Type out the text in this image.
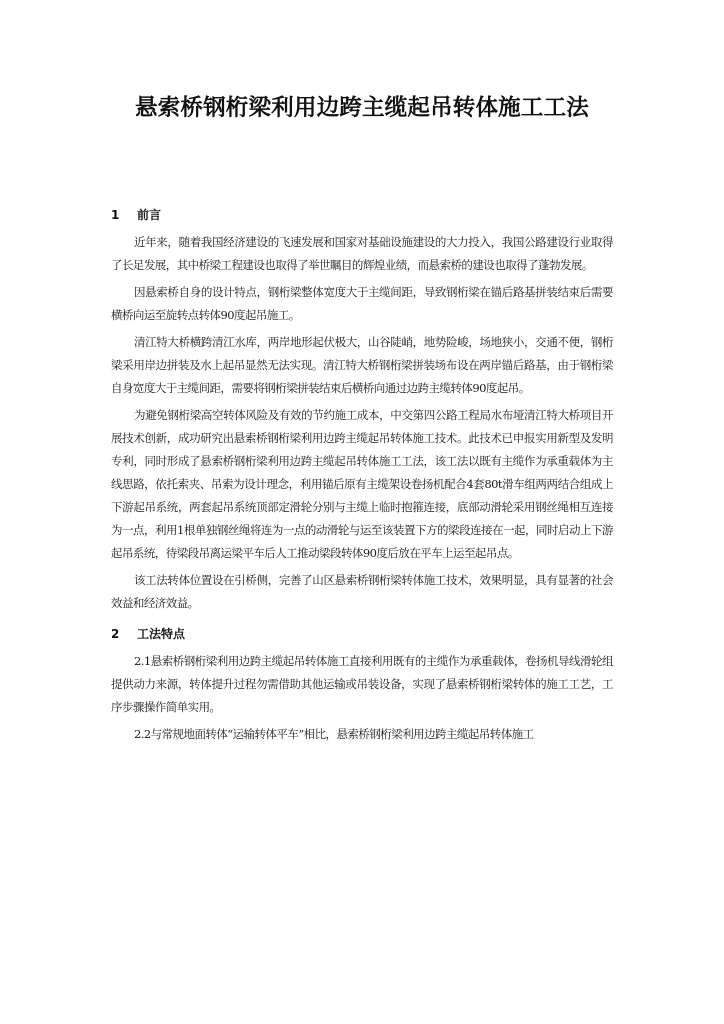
悬索桥钢桁梁利用边跨主缆起吊转体施工工法
1 前言

近年来，随着我国经济建设的飞速发展和国家对基础设施建设的大力投入，我国公路建设行业取得了长足发展，其中桥梁工程建设也取得了举世瞩目的辉煌业绩，而悬索桥的建设也取得了蓬勃发展。

因悬索桥自身的设计特点，钢桁梁整体宽度大于主缆间距，导致钢桁梁在锚后路基拼装结束后需要横桥向运至旋转点转体90度起吊施工。

清江特大桥横跨清江水库，两岸地形起伏极大，山谷陡峭，地势险峻，场地狭小，交通不便，钢桁梁采用岸边拼装及水上起吊显然无法实现。清江特大桥钢桁梁拼装场布设在两岸锚后路基，由于钢桁梁自身宽度大于主缆间距，需要将钢桁梁拼装结束后横桥向通过边跨主缆转体90度起吊。

为避免钢桁梁高空转体风险及有效的节约施工成本，中交第四公路工程局水布垭清江特大桥项目开展技术创新，成功研究出悬索桥钢桁梁利用边跨主缆起吊转体施工技术。此技术已申报实用新型及发明专利，同时形成了悬索桥钢桁梁利用边跨主缆起吊转体施工工法，该工法以既有主缆作为承重载体为主线思路，依托索夹、吊索为设计理念，利用锚后原有主缆架设卷扬机配合4套80t滑车组两两结合组成上下游起吊系统，两套起吊系统顶部定滑轮分别与主缆上临时抱箍连接，底部动滑轮采用钢丝绳相互连接为一点，利用1根单独钢丝绳将连为一点的动滑轮与运至该装置下方的梁段连接在一起，同时启动上下游起吊系统，待梁段吊离运梁平车后人工推动梁段转体90度后放在平车上运至起吊点。

该工法转体位置设在引桥侧，完善了山区悬索桥钢桁梁转体施工技术，效果明显，具有显著的社会效益和经济效益。

2 工法特点

2.1悬索桥钢桁梁利用边跨主缆起吊转体施工直接利用既有的主缆作为承重载体，卷扬机导线滑轮组提供动力来源，转体提升过程勿需借助其他运输或吊装设备，实现了悬索桥钢桁梁转体的施工工艺，工序步骤操作简单实用。

2.2与常规地面转体“运输转体平车”相比，悬索桥钢桁梁利用边跨主缆起吊转体施工
